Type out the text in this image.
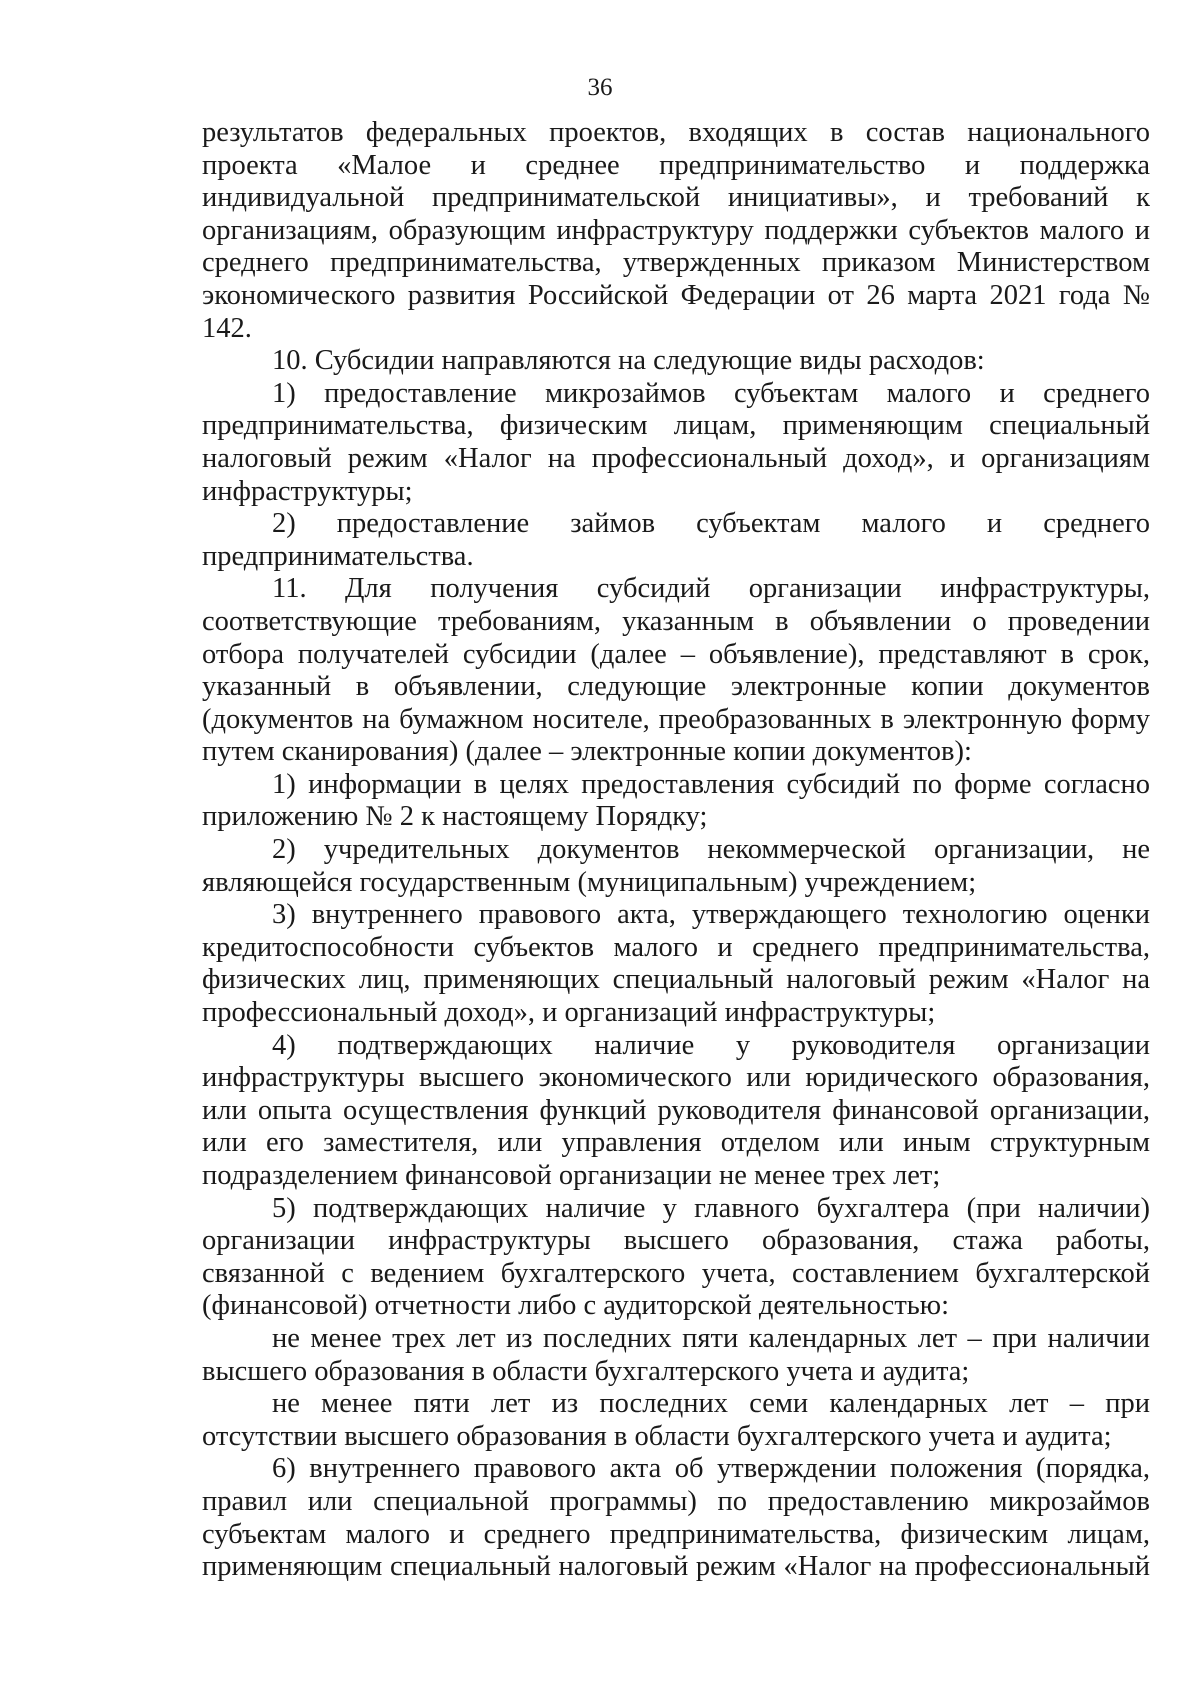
36

результатов федеральных проектов, входящих в состав национального проекта «Малое и среднее предпринимательство и поддержка индивидуальной предпринимательской инициативы», и требований к организациям, образующим инфраструктуру поддержки субъектов малого и среднего предпринимательства, утвержденных приказом Министерством экономического развития Российской Федерации от 26 марта 2021 года № 142.

10. Субсидии направляются на следующие виды расходов:

1) предоставление микрозаймов субъектам малого и среднего предпринимательства, физическим лицам, применяющим специальный налоговый режим «Налог на профессиональный доход», и организациям инфраструктуры;

2) предоставление займов субъектам малого и среднего предпринимательства.

11. Для получения субсидий организации инфраструктуры, соответствующие требованиям, указанным в объявлении о проведении отбора получателей субсидии (далее – объявление), представляют в срок, указанный в объявлении, следующие электронные копии документов (документов на бумажном носителе, преобразованных в электронную форму путем сканирования) (далее – электронные копии документов):

1) информации в целях предоставления субсидий по форме согласно приложению № 2 к настоящему Порядку;

2) учредительных документов некоммерческой организации, не являющейся государственным (муниципальным) учреждением;

3) внутреннего правового акта, утверждающего технологию оценки кредитоспособности субъектов малого и среднего предпринимательства, физических лиц, применяющих специальный налоговый режим «Налог на профессиональный доход», и организаций инфраструктуры;

4) подтверждающих наличие у руководителя организации инфраструктуры высшего экономического или юридического образования, или опыта осуществления функций руководителя финансовой организации, или его заместителя, или управления отделом или иным структурным подразделением финансовой организации не менее трех лет;

5) подтверждающих наличие у главного бухгалтера (при наличии) организации инфраструктуры высшего образования, стажа работы, связанной с ведением бухгалтерского учета, составлением бухгалтерской (финансовой) отчетности либо с аудиторской деятельностью:

не менее трех лет из последних пяти календарных лет – при наличии высшего образования в области бухгалтерского учета и аудита;

не менее пяти лет из последних семи календарных лет – при отсутствии высшего образования в области бухгалтерского учета и аудита;

6) внутреннего правового акта об утверждении положения (порядка, правил или специальной программы) по предоставлению микрозаймов субъектам малого и среднего предпринимательства, физическим лицам, применяющим специальный налоговый режим «Налог на профессиональный
